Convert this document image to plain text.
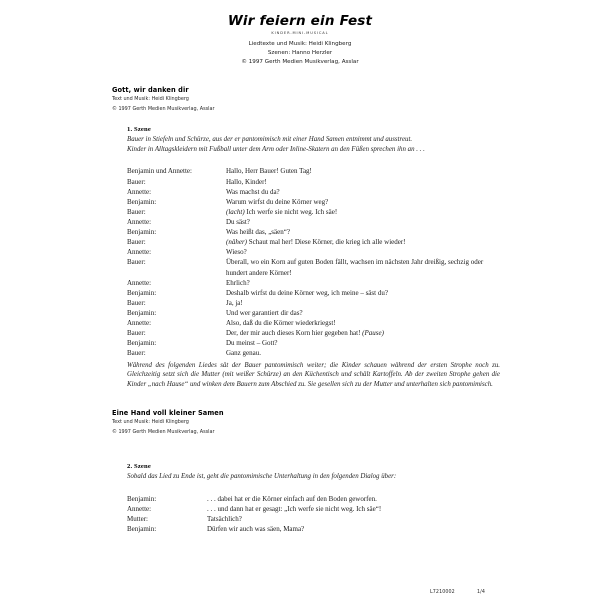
Wir feiern ein Fest
KINDER-MINI-MUSICAL
Liedtexte und Musik: Heidi Klingberg
Szenen: Hanno Herzler
© 1997 Gerth Medien Musikverlag, Asslar
Gott, wir danken dir
Text und Musik: Heidi Klingberg
© 1997 Gerth Medien Musikverlag, Asslar
1. Szene
Bauer in Stiefeln und Schürze, aus der er pantomimisch mit einer Hand Samen entnimmt und ausstreut.
Kinder in Alltagskleidern mit Fußball unter dem Arm oder Inline-Skatern an den Füßen sprechen ihn an . . .
Benjamin und Annette:	Hallo, Herr Bauer! Guten Tag!
Bauer:	Hallo, Kinder!
Annette:	Was machst du da?
Benjamin:	Warum wirfst du deine Körner weg?
Bauer:	(lacht) Ich werfe sie nicht weg. Ich säe!
Annette:	Du säst?
Benjamin:	Was heißt das, „säen“?
Bauer:	(näher) Schaut mal her! Diese Körner, die krieg ich alle wieder!
Annette:	Wieso?
Bauer:	Überall, wo ein Korn auf guten Boden fällt, wachsen im nächsten Jahr dreißig, sechzig oder hundert andere Körner!
Annette:	Ehrlich?
Benjamin:	Deshalb wirfst du deine Körner weg, ich meine – säst du?
Bauer:	Ja, ja!
Benjamin:	Und wer garantiert dir das?
Annette:	Also, daß du die Körner wiederkriegst!
Bauer:	Der, der mir auch dieses Korn hier gegeben hat! (Pause)
Benjamin:	Du meinst – Gott?
Bauer:	Ganz genau.
Während des folgenden Liedes sät der Bauer pantomimisch weiter; die Kinder schauen während der ersten Strophe noch zu. Gleichzeitig setzt sich die Mutter (mit weißer Schürze) an den Küchentisch und schält Kartoffeln. Ab der zweiten Strophe gehen die Kinder „nach Hause“ und winken dem Bauern zum Abschied zu. Sie gesellen sich zu der Mutter und unterhalten sich pantomimisch.
Eine Hand voll kleiner Samen
Text und Musik: Heidi Klingberg
© 1997 Gerth Medien Musikverlag, Asslar
2. Szene
Sobald das Lied zu Ende ist, geht die pantomimische Unterhaltung in den folgenden Dialog über:
Benjamin:	. . . dabei hat er die Körner einfach auf den Boden geworfen.
Annette:	. . . und dann hat er gesagt: „Ich werfe sie nicht weg. Ich säe“!
Mutter:	Tatsächlich?
Benjamin:	Dürfen wir auch was säen, Mama?
L7210002	1/4
